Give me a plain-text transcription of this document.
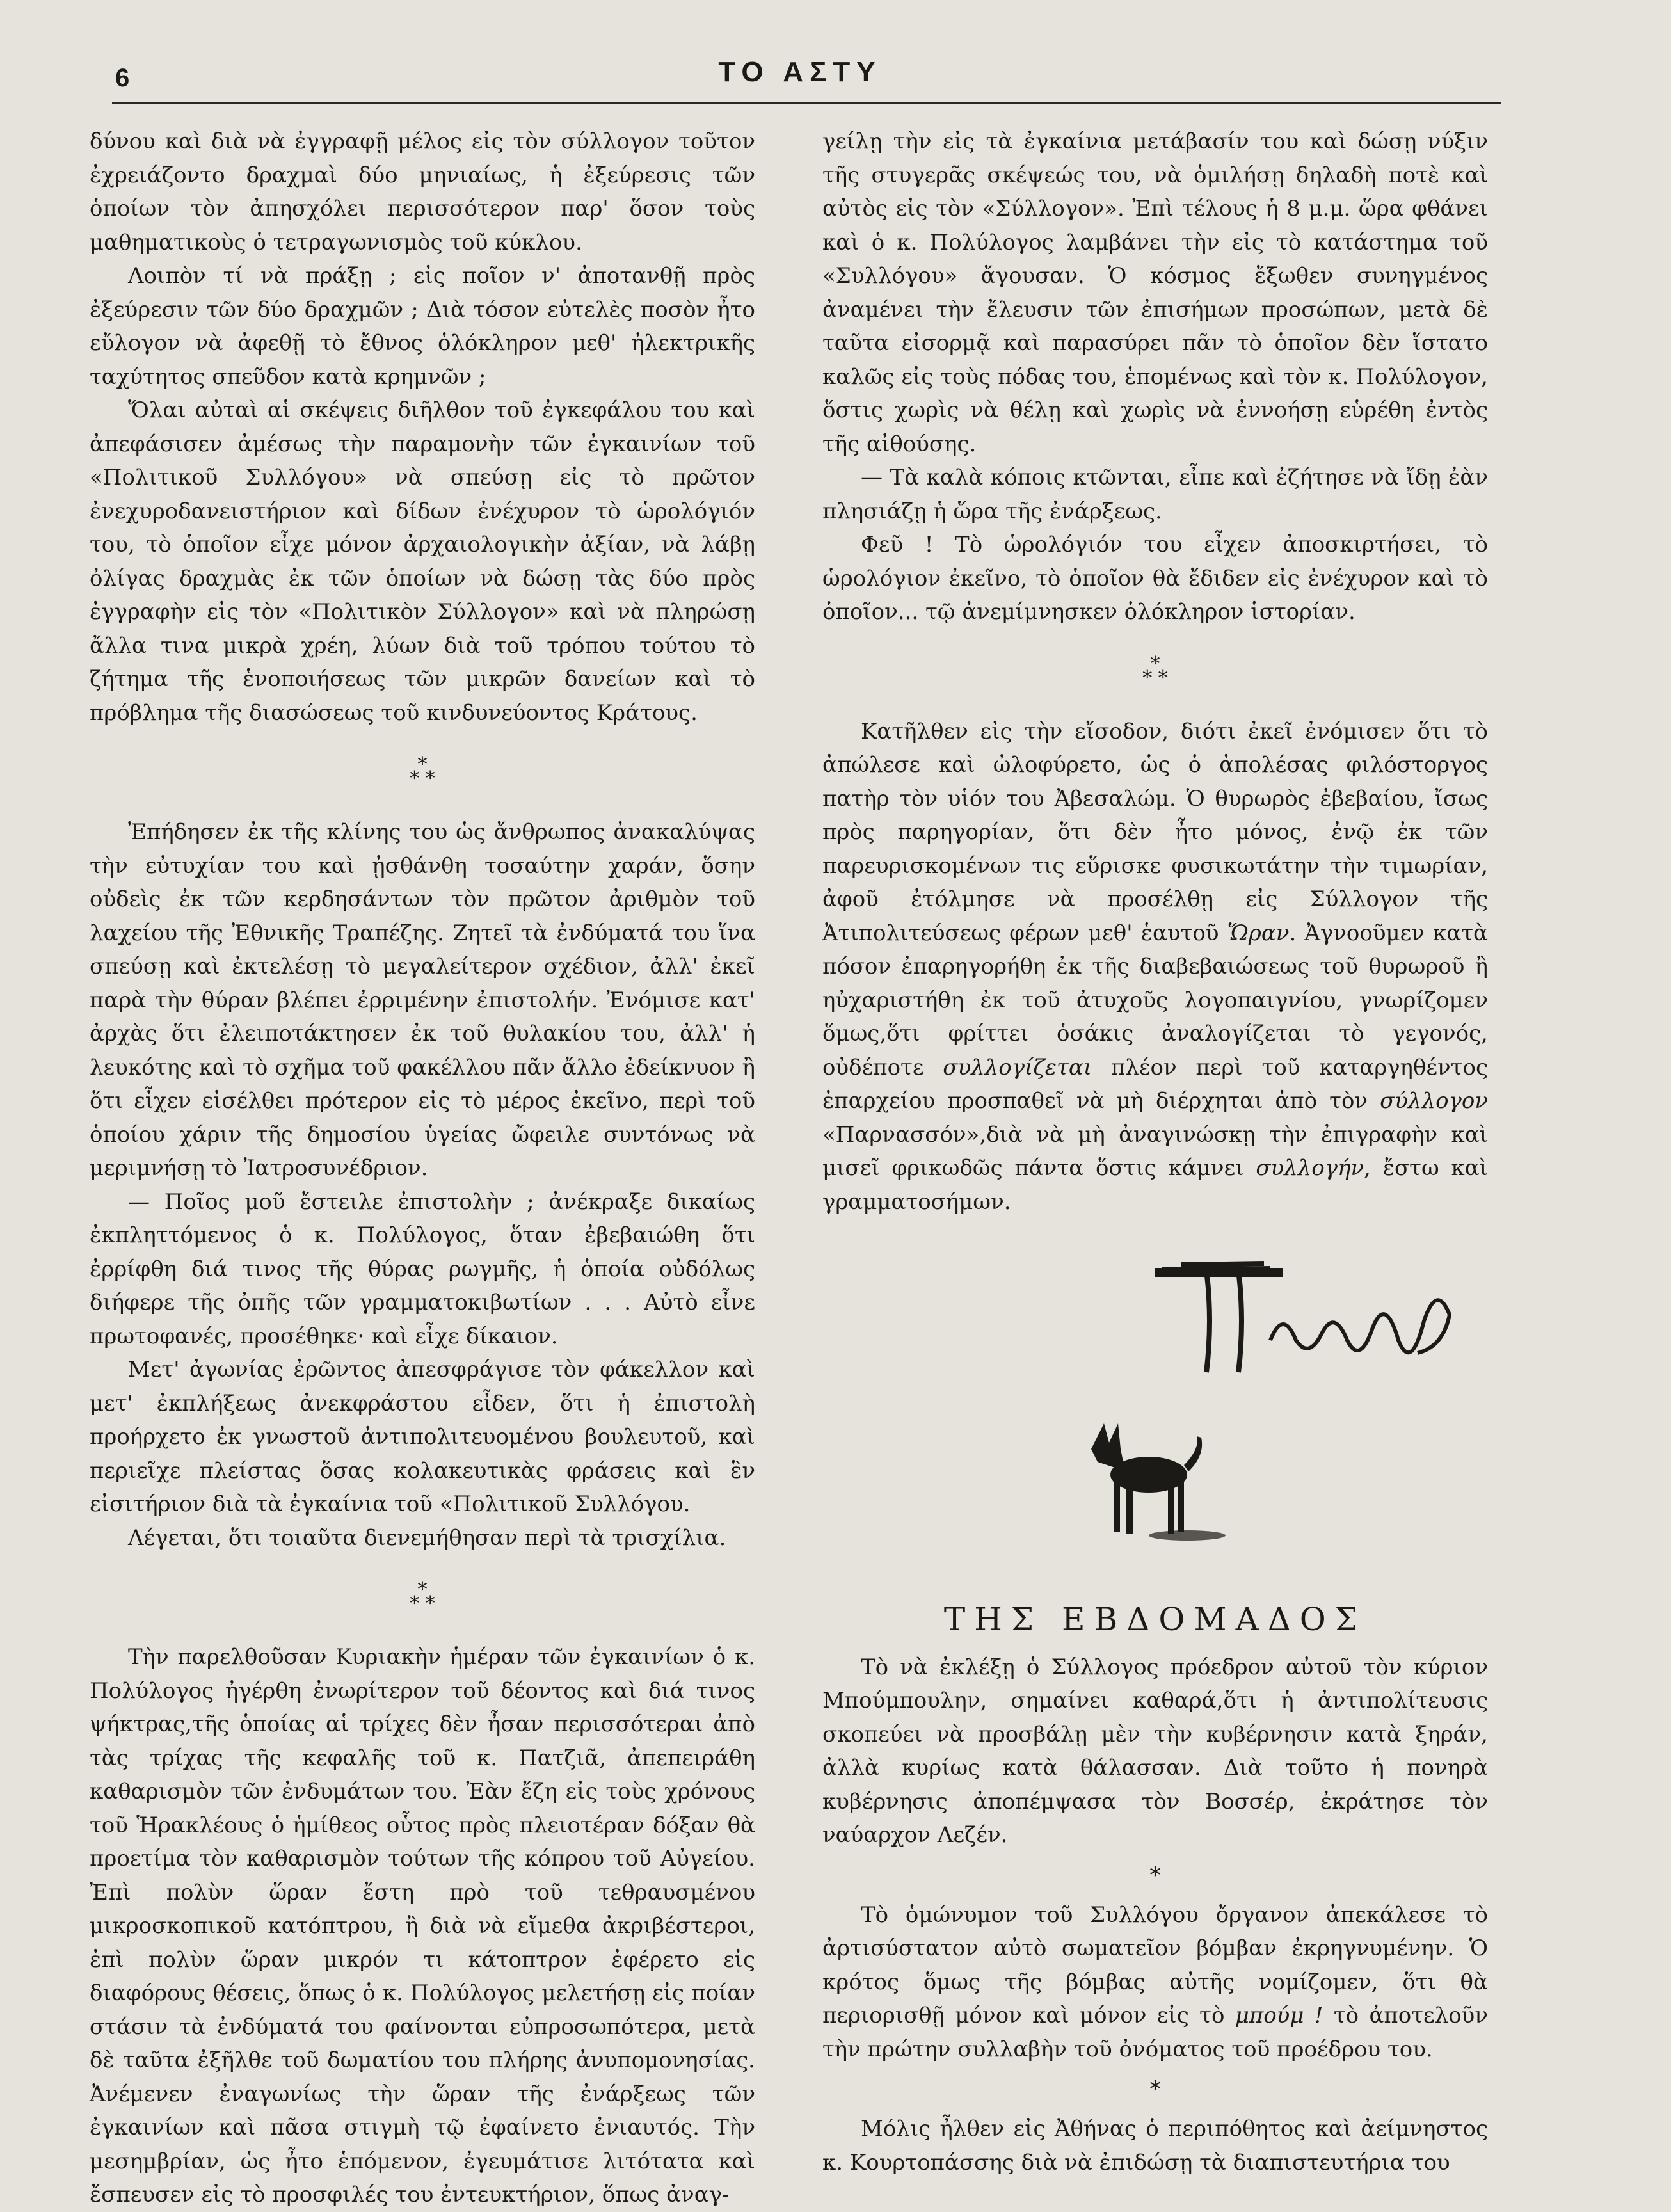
6	ΤΟ ΑΣΤΥ

δύνου καὶ διὰ νὰ ἐγγραφῇ μέλος εἰς τὸν σύλλογον τοῦτον ἐχρειάζοντο δραχμαὶ δύο μηνιαίως, ἡ ἐξεύρεσις τῶν ὁποίων τὸν ἀπησχόλει περισσότερον παρ' ὅσον τοὺς μαθηματικοὺς ὁ τετραγωνισμὸς τοῦ κύκλου.

Λοιπὸν τί νὰ πράξῃ ; εἰς ποῖον ν' ἀποτανθῇ πρὸς ἐξεύρεσιν τῶν δύο δραχμῶν ; Διὰ τόσον εὐτελὲς ποσὸν ἦτο εὔλογον νὰ ἀφεθῇ τὸ ἔθνος ὁλόκληρον μεθ' ἠλεκτρικῆς ταχύτητος σπεῦδον κατὰ κρημνῶν ;

Ὅλαι αὐταὶ αἱ σκέψεις διῆλθον τοῦ ἐγκεφάλου του καὶ ἀπεφάσισεν ἀμέσως τὴν παραμονὴν τῶν ἐγκαινίων τοῦ «Πολιτικοῦ Συλλόγου» νὰ σπεύσῃ εἰς τὸ πρῶτον ἐνεχυροδανειστήριον καὶ δίδων ἐνέχυρον τὸ ὡρολόγιόν του, τὸ ὁποῖον εἶχε μόνον ἀρχαιολογικὴν ἀξίαν, νὰ λάβῃ ὀλίγας δραχμὰς ἐκ τῶν ὁποίων νὰ δώσῃ τὰς δύο πρὸς ἐγγραφὴν εἰς τὸν «Πολιτικὸν Σύλλογον» καὶ νὰ πληρώσῃ ἄλλα τινα μικρὰ χρέη, λύων διὰ τοῦ τρόπου τούτου τὸ ζήτημα τῆς ἑνοποιήσεως τῶν μικρῶν δανείων καὶ τὸ πρόβλημα τῆς διασώσεως τοῦ κινδυνεύοντος Κράτους.

*
* *

Ἐπήδησεν ἐκ τῆς κλίνης του ὡς ἄνθρωπος ἀνακαλύψας τὴν εὐτυχίαν του καὶ ᾐσθάνθη τοσαύτην χαράν, ὅσην οὐδεὶς ἐκ τῶν κερδησάντων τὸν πρῶτον ἀριθμὸν τοῦ λαχείου τῆς Ἐθνικῆς Τραπέζης. Ζητεῖ τὰ ἐνδύματά του ἵνα σπεύσῃ καὶ ἐκτελέσῃ τὸ μεγαλείτερον σχέδιον, ἀλλ' ἐκεῖ παρὰ τὴν θύραν βλέπει ἐρριμένην ἐπιστολήν. Ἐνόμισε κατ' ἀρχὰς ὅτι ἐλειποτάκτησεν ἐκ τοῦ θυλακίου του, ἀλλ' ἡ λευκότης καὶ τὸ σχῆμα τοῦ φακέλλου πᾶν ἄλλο ἐδείκνυον ἢ ὅτι εἶχεν εἰσέλθει πρότερον εἰς τὸ μέρος ἐκεῖνο, περὶ τοῦ ὁποίου χάριν τῆς δημοσίου ὑγείας ὤφειλε συντόνως νὰ μεριμνήσῃ τὸ Ἰατροσυνέδριον.

— Ποῖος μοῦ ἔστειλε ἐπιστολὴν ; ἀνέκραξε δικαίως ἐκπληττόμενος ὁ κ. Πολύλογος, ὅταν ἐβεβαιώθη ὅτι ἐρρίφθη διά τινος τῆς θύρας ρωγμῆς, ἡ ὁποία οὐδόλως διήφερε τῆς ὀπῆς τῶν γραμματοκιβωτίων . . . Αὐτὸ εἶνε πρωτοφανές, προσέθηκε· καὶ εἶχε δίκαιον.

Μετ' ἀγωνίας ἐρῶντος ἀπεσφράγισε τὸν φάκελλον καὶ μετ' ἐκπλήξεως ἀνεκφράστου εἶδεν, ὅτι ἡ ἐπιστολὴ προήρχετο ἐκ γνωστοῦ ἀντιπολιτευομένου βουλευτοῦ, καὶ περιεῖχε πλείστας ὅσας κολακευτικὰς φράσεις καὶ ἓν εἰσιτήριον διὰ τὰ ἐγκαίνια τοῦ «Πολιτικοῦ Συλλόγου.

Λέγεται, ὅτι τοιαῦτα διενεμήθησαν περὶ τὰ τρισχίλια.

*
* *

Τὴν παρελθοῦσαν Κυριακὴν ἡμέραν τῶν ἐγκαινίων ὁ κ. Πολύλογος ἠγέρθη ἐνωρίτερον τοῦ δέοντος καὶ διά τινος ψήκτρας,τῆς ὁποίας αἱ τρίχες δὲν ἦσαν περισσότεραι ἀπὸ τὰς τρίχας τῆς κεφαλῆς τοῦ κ. Πατζιᾶ, ἀπεπειράθη καθαρισμὸν τῶν ἐνδυμάτων του. Ἐὰν ἔζη εἰς τοὺς χρόνους τοῦ Ἡρακλέους ὁ ἡμίθεος οὗτος πρὸς πλειοτέραν δόξαν θὰ προετίμα τὸν καθαρισμὸν τούτων τῆς κόπρου τοῦ Αὐγείου. Ἐπὶ πολὺν ὥραν ἔστη πρὸ τοῦ τεθραυσμένου μικροσκοπικοῦ κατόπτρου, ἢ διὰ νὰ εἴμεθα ἀκριβέστεροι, ἐπὶ πολὺν ὥραν μικρόν τι κάτοπτρον ἐφέρετο εἰς διαφόρους θέσεις, ὅπως ὁ κ. Πολύλογος μελετήσῃ εἰς ποίαν στάσιν τὰ ἐνδύματά του φαίνονται εὐπροσωπότερα, μετὰ δὲ ταῦτα ἐξῆλθε τοῦ δωματίου του πλήρης ἀνυπομονησίας. Ἀνέμενεν ἐναγωνίως τὴν ὥραν τῆς ἐνάρξεως τῶν ἐγκαινίων καὶ πᾶσα στιγμὴ τῷ ἐφαίνετο ἐνιαυτός. Τὴν μεσημβρίαν, ὡς ἦτο ἑπόμενον, ἐγευμάτισε λιτότατα καὶ ἔσπευσεν εἰς τὸ προσφιλές του ἐντευκτήριον, ὅπως ἀναγ-

γείλῃ τὴν εἰς τὰ ἐγκαίνια μετάβασίν του καὶ δώσῃ νύξιν τῆς στυγερᾶς σκέψεώς του, νὰ ὁμιλήσῃ δηλαδὴ ποτὲ καὶ αὐτὸς εἰς τὸν «Σύλλογον». Ἐπὶ τέλους ἡ 8 μ.μ. ὥρα φθάνει καὶ ὁ κ. Πολύλογος λαμβάνει τὴν εἰς τὸ κατάστημα τοῦ «Συλλόγου» ἄγουσαν. Ὁ κόσμος ἔξωθεν συνηγμένος ἀναμένει τὴν ἔλευσιν τῶν ἐπισήμων προσώπων, μετὰ δὲ ταῦτα εἰσορμᾷ καὶ παρασύρει πᾶν τὸ ὁποῖον δὲν ἵστατο καλῶς εἰς τοὺς πόδας του, ἑπομένως καὶ τὸν κ. Πολύλογον, ὅστις χωρὶς νὰ θέλῃ καὶ χωρὶς νὰ ἐννοήσῃ εὑρέθη ἐντὸς τῆς αἰθούσης.

— Τὰ καλὰ κόποις κτῶνται, εἶπε καὶ ἐζήτησε νὰ ἴδῃ ἐὰν πλησιάζῃ ἡ ὥρα τῆς ἐνάρξεως.

Φεῦ ! Τὸ ὡρολόγιόν του εἶχεν ἀποσκιρτήσει, τὸ ὡρολόγιον ἐκεῖνο, τὸ ὁποῖον θὰ ἔδιδεν εἰς ἐνέχυρον καὶ τὸ ὁποῖον... τῷ ἀνεμίμνησκεν ὁλόκληρον ἱστορίαν.

*
* *

Κατῆλθεν εἰς τὴν εἴσοδον, διότι ἐκεῖ ἐνόμισεν ὅτι τὸ ἀπώλεσε καὶ ὠλοφύρετο, ὡς ὁ ἀπολέσας φιλόστοργος πατὴρ τὸν υἱόν του Ἀβεσαλώμ. Ὁ θυρωρὸς ἐβεβαίου, ἴσως πρὸς παρηγορίαν, ὅτι δὲν ἦτο μόνος, ἐνῷ ἐκ τῶν παρευρισκομένων τις εὕρισκε φυσικωτάτην τὴν τιμωρίαν, ἀφοῦ ἐτόλμησε νὰ προσέλθῃ εἰς Σύλλογον τῆς Ἀτιπολιτεύσεως φέρων μεθ' ἑαυτοῦ Ὥραν. Ἀγνοοῦμεν κατὰ πόσον ἐπαρηγορήθη ἐκ τῆς διαβεβαιώσεως τοῦ θυρωροῦ ἢ ηὐχαριστήθη ἐκ τοῦ ἀτυχοῦς λογοπαιγνίου, γνωρίζομεν ὅμως,ὅτι φρίττει ὁσάκις ἀναλογίζεται τὸ γεγονός, οὐδέποτε συλλογίζεται πλέον περὶ τοῦ καταργηθέντος ἐπαρχείου προσπαθεῖ νὰ μὴ διέρχηται ἀπὸ τὸν σύλλογον «Παρνασσόν»,διὰ νὰ μὴ ἀναγινώσκῃ τὴν ἐπιγραφὴν καὶ μισεῖ φρικωδῶς πάντα ὅστις κάμνει συλλογήν, ἔστω καὶ γραμματοσήμων.

ΤΗΣ ΕΒΔΟΜΑΔΟΣ

Τὸ νὰ ἐκλέξῃ ὁ Σύλλογος πρόεδρον αὐτοῦ τὸν κύριον Μπούμπουλην, σημαίνει καθαρά,ὅτι ἡ ἀντιπολίτευσις σκοπεύει νὰ προσβάλῃ μὲν τὴν κυβέρνησιν κατὰ ξηράν, ἀλλὰ κυρίως κατὰ θάλασσαν. Διὰ τοῦτο ἡ πονηρὰ κυβέρνησις ἀποπέμψασα τὸν Βοσσέρ, ἐκράτησε τὸν ναύαρχον Λεζέν.

*

Τὸ ὁμώνυμον τοῦ Συλλόγου ὄργανον ἀπεκάλεσε τὸ ἀρτισύστατον αὐτὸ σωματεῖον βόμβαν ἐκρηγνυμένην. Ὁ κρότος ὅμως τῆς βόμβας αὐτῆς νομίζομεν, ὅτι θὰ περιορισθῇ μόνον καὶ μόνον εἰς τὸ μπούμ ! τὸ ἀποτελοῦν τὴν πρώτην συλλαβὴν τοῦ ὀνόματος τοῦ προέδρου του.

*

Μόλις ἦλθεν εἰς Ἀθήνας ὁ περιπόθητος καὶ ἀείμνηστος κ. Κουρτοπάσσης διὰ νὰ ἐπιδώσῃ τὰ διαπιστευτήρια του
